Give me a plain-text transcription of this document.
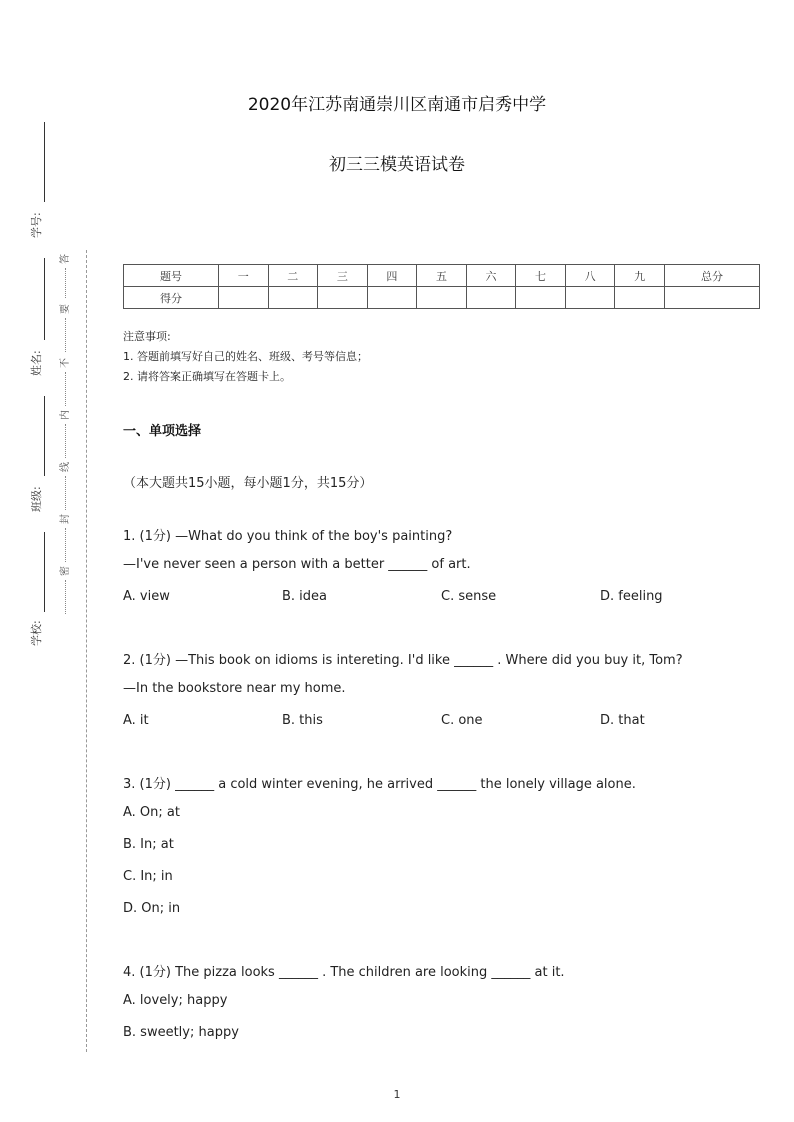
学号:
姓名:
班级:
学校:
答
要
不
内
线
封
密
2020年江苏南通崇川区南通市启秀中学
初三三模英语试卷
题号	一	二	三	四	五	六	七	八	九	总分
得分										
注意事项:
1. 答题前填写好自己的姓名、班级、考号等信息；
2. 请将答案正确填写在答题卡上。
一、单项选择
（本大题共15小题，每小题1分，共15分）
1. (1分) —What do you think of the boy's painting?
—I've never seen a person with a better ______ of art.
A. view	B. idea	C. sense	D. feeling
2. (1分) —This book on idioms is intereting. I'd like ______ . Where did you buy it, Tom?
—In the bookstore near my home.
A. it	B. this	C. one	D. that
3. (1分) ______ a cold winter evening, he arrived ______ the lonely village alone.
A. On; at
B. In; at
C. In; in
D. On; in
4. (1分) The pizza looks ______ . The children are looking ______ at it.
A. lovely; happy
B. sweetly; happy
1
